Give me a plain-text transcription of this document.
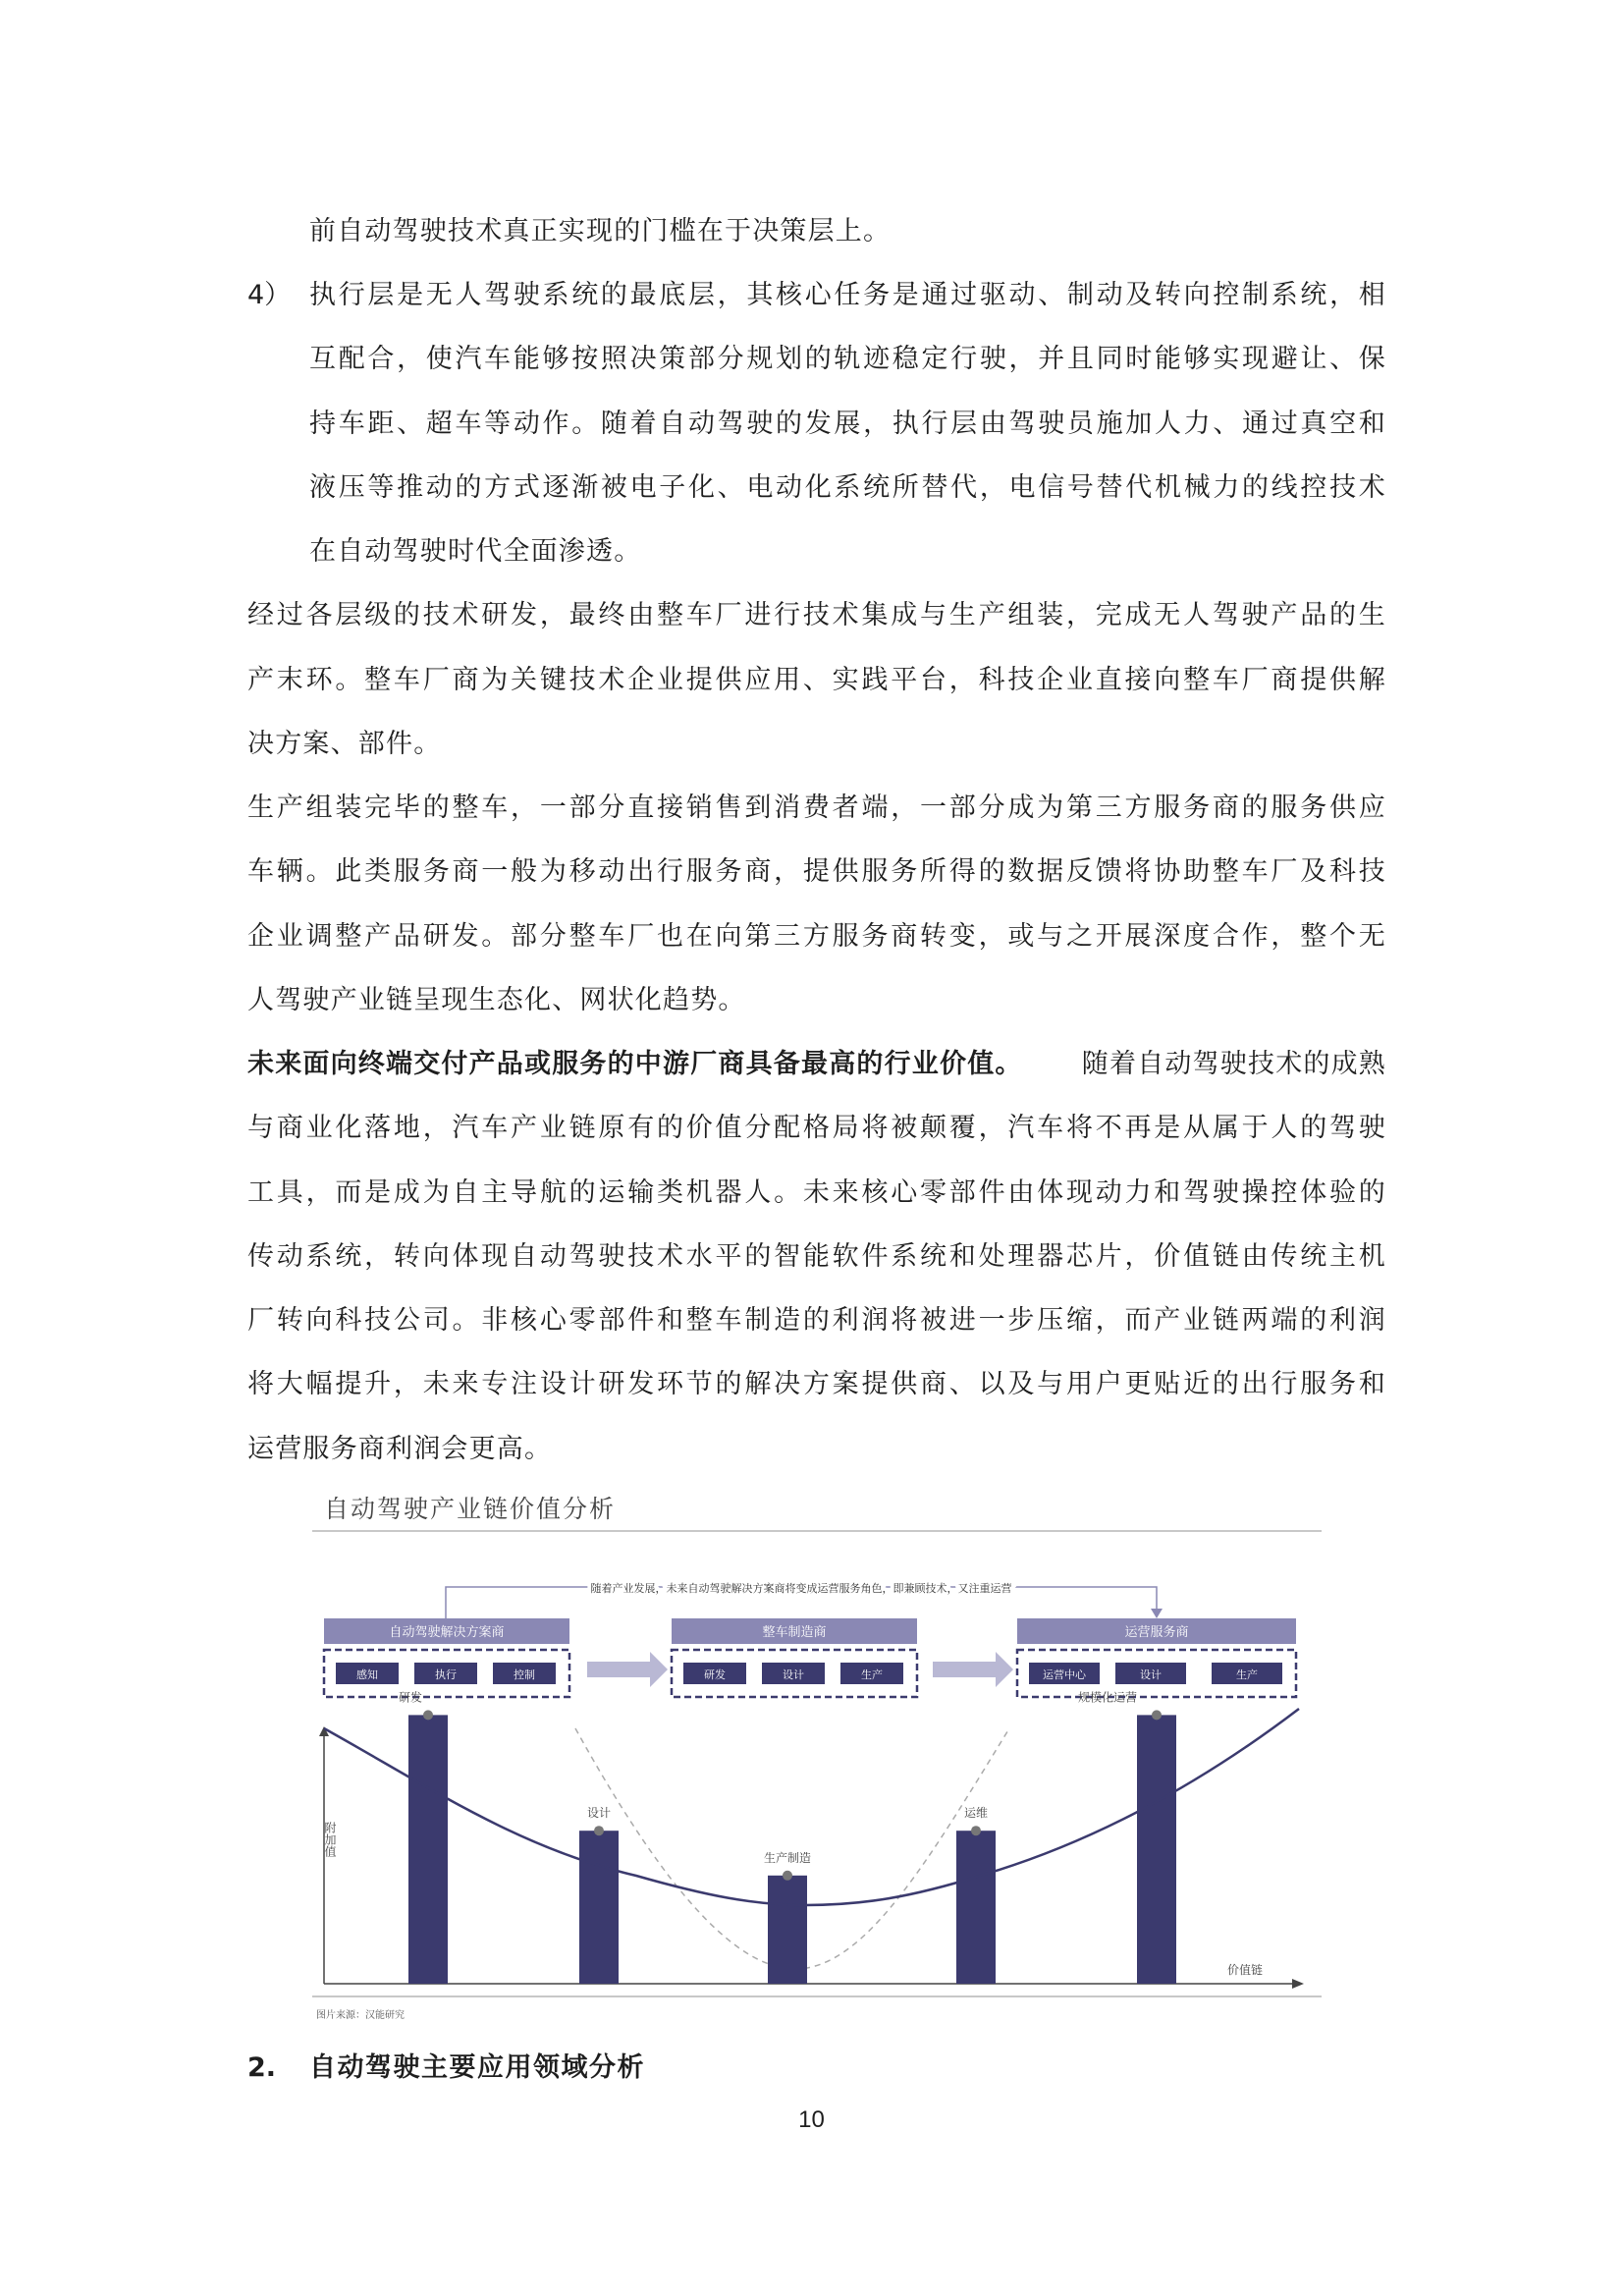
前自动驾驶技术真正实现的门槛在于决策层上。
4） 执行层是无人驾驶系统的最底层，其核心任务是通过驱动、制动及转向控制系统，相
互配合，使汽车能够按照决策部分规划的轨迹稳定行驶，并且同时能够实现避让、保
持车距、超车等动作。随着自动驾驶的发展，执行层由驾驶员施加人力、通过真空和
液压等推动的方式逐渐被电子化、电动化系统所替代，电信号替代机械力的线控技术
在自动驾驶时代全面渗透。
经过各层级的技术研发，最终由整车厂进行技术集成与生产组装，完成无人驾驶产品的生
产末环。整车厂商为关键技术企业提供应用、实践平台，科技企业直接向整车厂商提供解
决方案、部件。
生产组装完毕的整车，一部分直接销售到消费者端，一部分成为第三方服务商的服务供应
车辆。此类服务商一般为移动出行服务商，提供服务所得的数据反馈将协助整车厂及科技
企业调整产品研发。部分整车厂也在向第三方服务商转变，或与之开展深度合作，整个无
人驾驶产业链呈现生态化、网状化趋势。
未来面向终端交付产品或服务的中游厂商具备最高的行业价值。 随着自动驾驶技术的成熟
与商业化落地，汽车产业链原有的价值分配格局将被颠覆，汽车将不再是从属于人的驾驶
工具，而是成为自主导航的运输类机器人。未来核心零部件由体现动力和驾驶操控体验的
传动系统，转向体现自动驾驶技术水平的智能软件系统和处理器芯片，价值链由传统主机
厂转向科技公司。非核心零部件和整车制造的利润将被进一步压缩，而产业链两端的利润
将大幅提升，未来专注设计研发环节的解决方案提供商、以及与用户更贴近的出行服务和
运营服务商利润会更高。
自动驾驶产业链价值分析
随着产业发展，未来自动驾驶解决方案商将变成运营服务角色，即兼顾技术，又注重运营
自动驾驶解决方案商
感知	执行	控制
整车制造商
研发	设计	生产
运营服务商
运营中心	设计	生产
附加值
价值链
研发
设计
生产制造
运维
规模化运营
图片来源：汉能研究
2. 自动驾驶主要应用领域分析
10
